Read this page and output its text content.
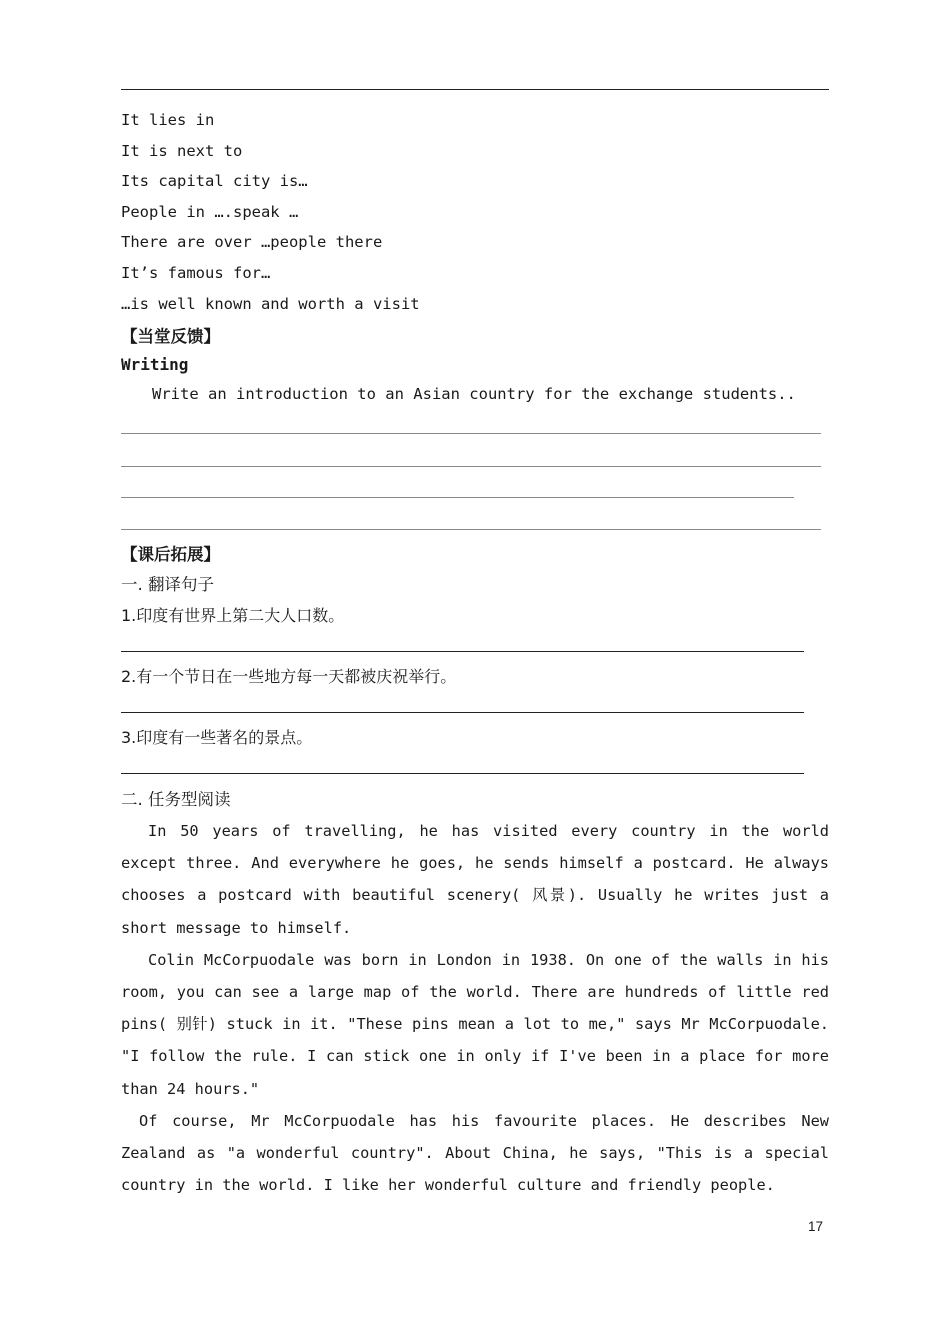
It lies in
It is next to
Its capital city is…
People in ….speak …
There are over …people there
It’s famous for…
…is well known and worth a visit
【当堂反馈】
Writing
Write an introduction to an Asian country for the exchange students..
【课后拓展】
一. 翻译句子
1.印度有世界上第二大人口数。
2.有一个节日在一些地方每一天都被庆祝举行。
3.印度有一些著名的景点。
二. 任务型阅读

In 50 years of travelling, he has visited every country in the world except three. And everywhere he goes, he sends himself a postcard. He always chooses a postcard with beautiful scenery( 风景). Usually he writes just a short message to himself.

Colin McCorpuodale was born in London in 1938. On one of the walls in his room, you can see a large map of the world. There are hundreds of little red pins( 别针) stuck in it. "These pins mean a lot to me," says Mr McCorpuodale. "I follow the rule. I can stick one in only if I've been in a place for more than 24 hours."

Of course, Mr McCorpuodale has his favourite places. He describes New Zealand as "a wonderful country". About China, he says, "This is a special country in the world. I like her wonderful culture and friendly people.

17
